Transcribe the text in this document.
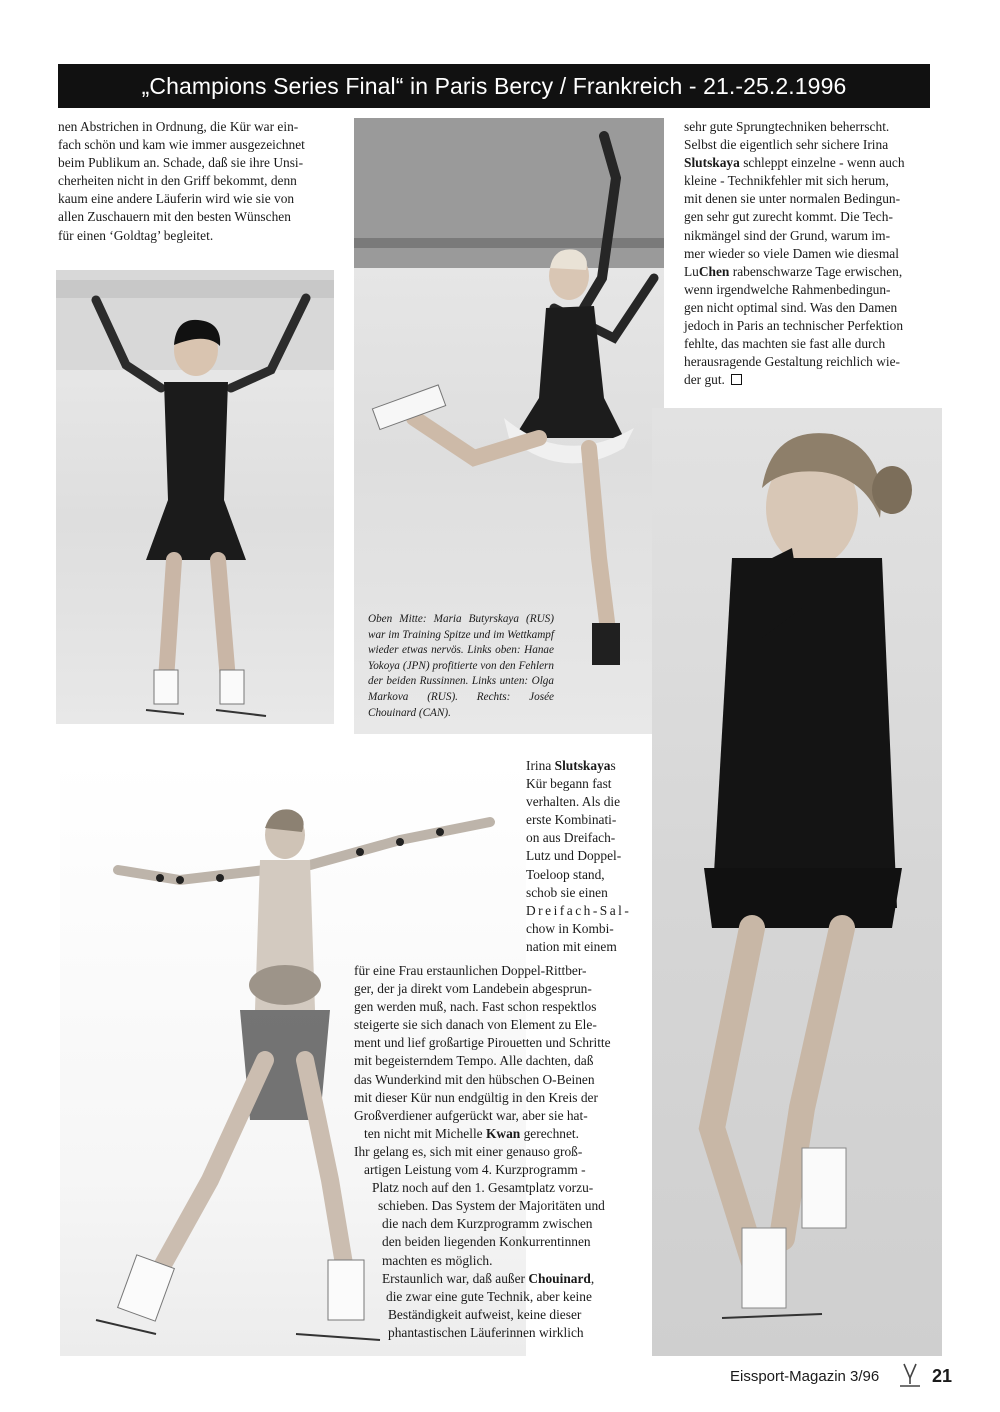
„Champions Series Final“ in Paris Bercy / Frankreich - 21.-25.2.1996
nen Abstrichen in Ordnung, die Kür war ein-
fach schön und kam wie immer ausgezeichnet
beim Publikum an. Schade, daß sie ihre Unsi-
cherheiten nicht in den Griff bekommt, denn
kaum eine andere Läuferin wird wie sie von
allen Zuschauern mit den besten Wünschen
für einen ‘Goldtag’ begleitet.
sehr gute Sprungtechniken beherrscht.
Selbst die eigentlich sehr sichere Irina
Slutskaya schleppt einzelne - wenn auch
kleine - Technikfehler mit sich herum,
mit denen sie unter normalen Bedingun-
gen sehr gut zurecht kommt. Die Tech-
nikmängel sind der Grund, warum im-
mer wieder so viele Damen wie diesmal
LuChen rabenschwarze Tage erwischen,
wenn irgendwelche Rahmenbedingun-
gen nicht optimal sind. Was den Damen
jedoch in Paris an technischer Perfektion
fehlte, das machten sie fast alle durch
herausragende Gestaltung reichlich wie-
der gut.
Oben Mitte: Maria Butyrskaya (RUS) war im Training Spitze und im Wettkampf wieder etwas nervös. Links oben: Hanae Yokoya (JPN) profitierte von den Fehlern der beiden Russinnen. Links unten: Olga Markova (RUS). Rechts: Josée Chouinard (CAN).
Irina Slutskayas
Kür begann fast
verhalten. Als die
erste Kombinati-
on aus Dreifach-
Lutz und Doppel-
Toeloop stand,
schob sie einen
Dreifach-Sal-
chow in Kombi-
nation mit einem
für eine Frau erstaunlichen Doppel-Rittber-
ger, der ja direkt vom Landebein abgesprun-
gen werden muß, nach. Fast schon respektlos
steigerte sie sich danach von Element zu Ele-
ment und lief großartige Pirouetten und Schritte
mit begeisterndem Tempo. Alle dachten, daß
das Wunderkind mit den hübschen O-Beinen
mit dieser Kür nun endgültig in den Kreis der
Großverdiener aufgerückt war, aber sie hat-
ten nicht mit Michelle Kwan gerechnet.
Ihr gelang es, sich mit einer genauso groß-
artigen Leistung vom 4. Kurzprogramm -
Platz noch auf den 1. Gesamtplatz vorzu-
schieben. Das System der Majoritäten und
die nach dem Kurzprogramm zwischen
den beiden liegenden Konkurrentinnen
machten es möglich.
Erstaunlich war, daß außer Chouinard,
die zwar eine gute Technik, aber keine
Beständigkeit aufweist, keine dieser
phantastischen Läuferinnen wirklich
Eissport-Magazin 3/96	21
